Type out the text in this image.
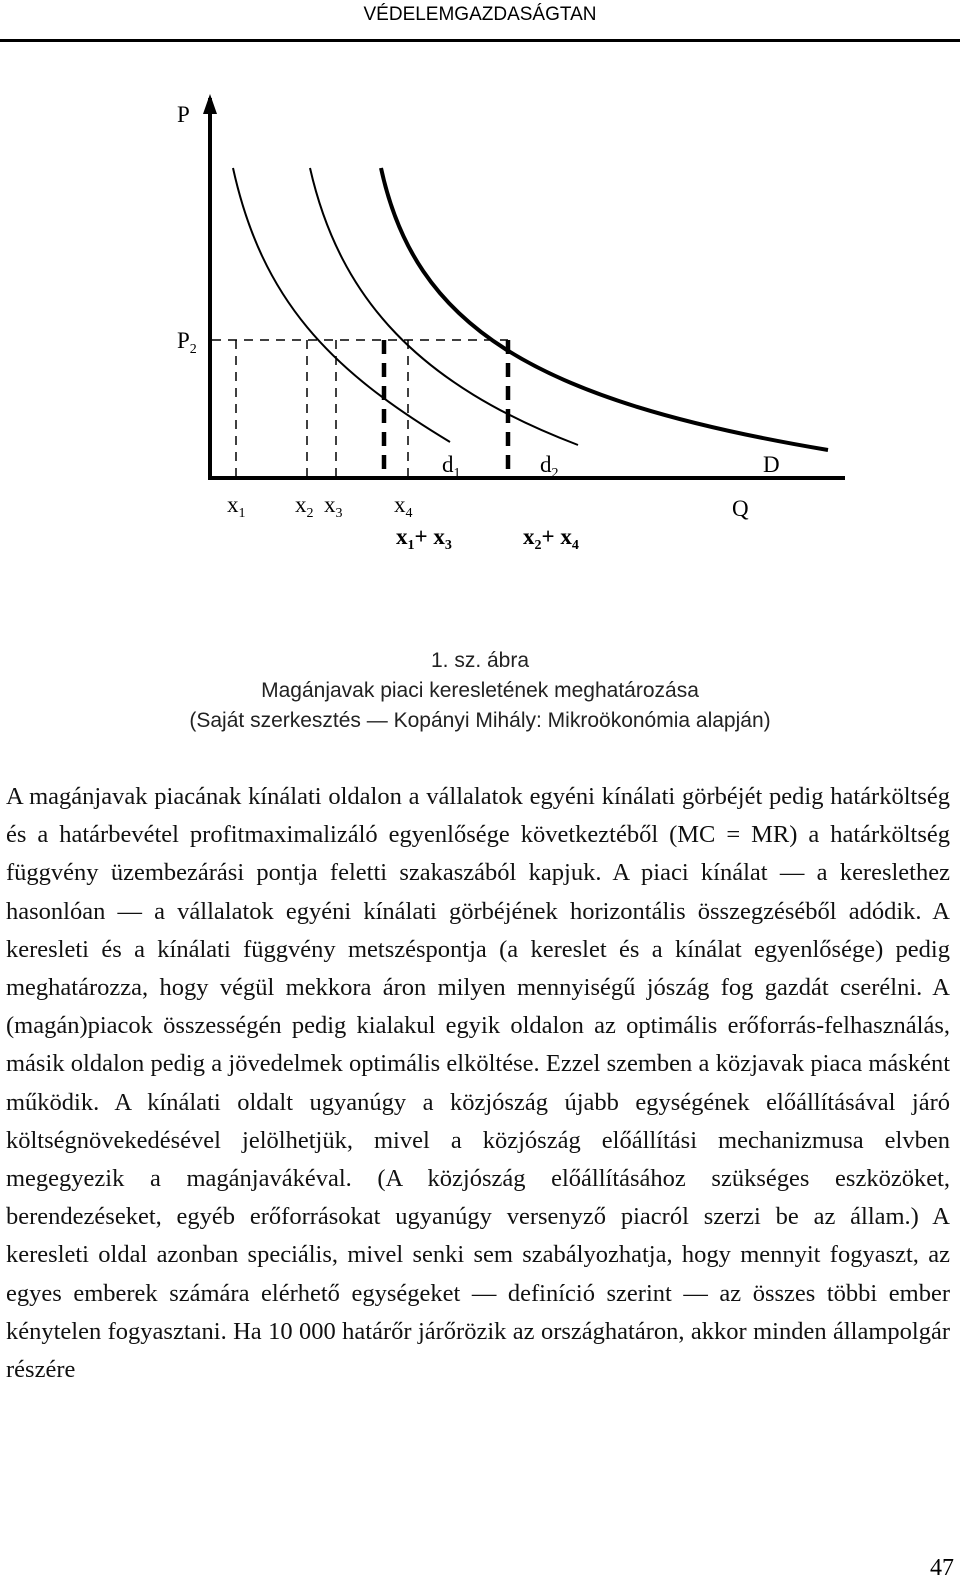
VÉDELEMGAZDASÁGTAN
P
$P_2$
Q
D
$d_1$	$d_2$
$x_1$ $x_2$ $x_3$ $x_4$
$x_1+ x_3$	$x_2+ x_4$
1. sz. ábra
Magánjavak piaci keresletének meghatározása
(Saját szerkesztés — Kopányi Mihály: Mikroökonómia alapján)

A magánjavak piacának kínálati oldalon a vállalatok egyéni kínálati görbéjét pedig határköltség és a határbevétel profitmaximalizáló egyenlősége következtéből (MC = MR) a határköltség függvény üzembezárási pontja feletti szakaszából kapjuk. A piaci kínálat — a kereslethez hasonlóan — a vállalatok egyéni kínálati görbéjének horizontális összegzéséből adódik. A keresleti és a kínálati függvény metszéspontja (a kereslet és a kínálat egyenlősége) pedig meghatározza, hogy végül mekkora áron milyen mennyiségű jószág fog gazdát cserélni. A (magán)piacok összességén pedig kialakul egyik oldalon az optimális erőforrás-felhasználás, másik oldalon pedig a jövedelmek optimális elköltése. Ezzel szemben a közjavak piaca másként működik. A kínálati oldalt ugyanúgy a közjószág újabb egységének előállításával járó költségnövekedésével jelölhetjük, mivel a közjószág előállítási mechanizmusa elvben megegyezik a magánjavákéval. (A közjószág előállításához szükséges eszközöket, berendezéseket, egyéb erőforrásokat ugyanúgy versenyző piacról szerzi be az állam.) A keresleti oldal azonban speciális, mivel senki sem szabályozhatja, hogy mennyit fogyaszt, az egyes emberek számára elérhető egységeket — definíció szerint — az összes többi ember kénytelen fogyasztani. Ha 10 000 határőr járőrözik az országhatáron, akkor minden állampolgár részére

47
